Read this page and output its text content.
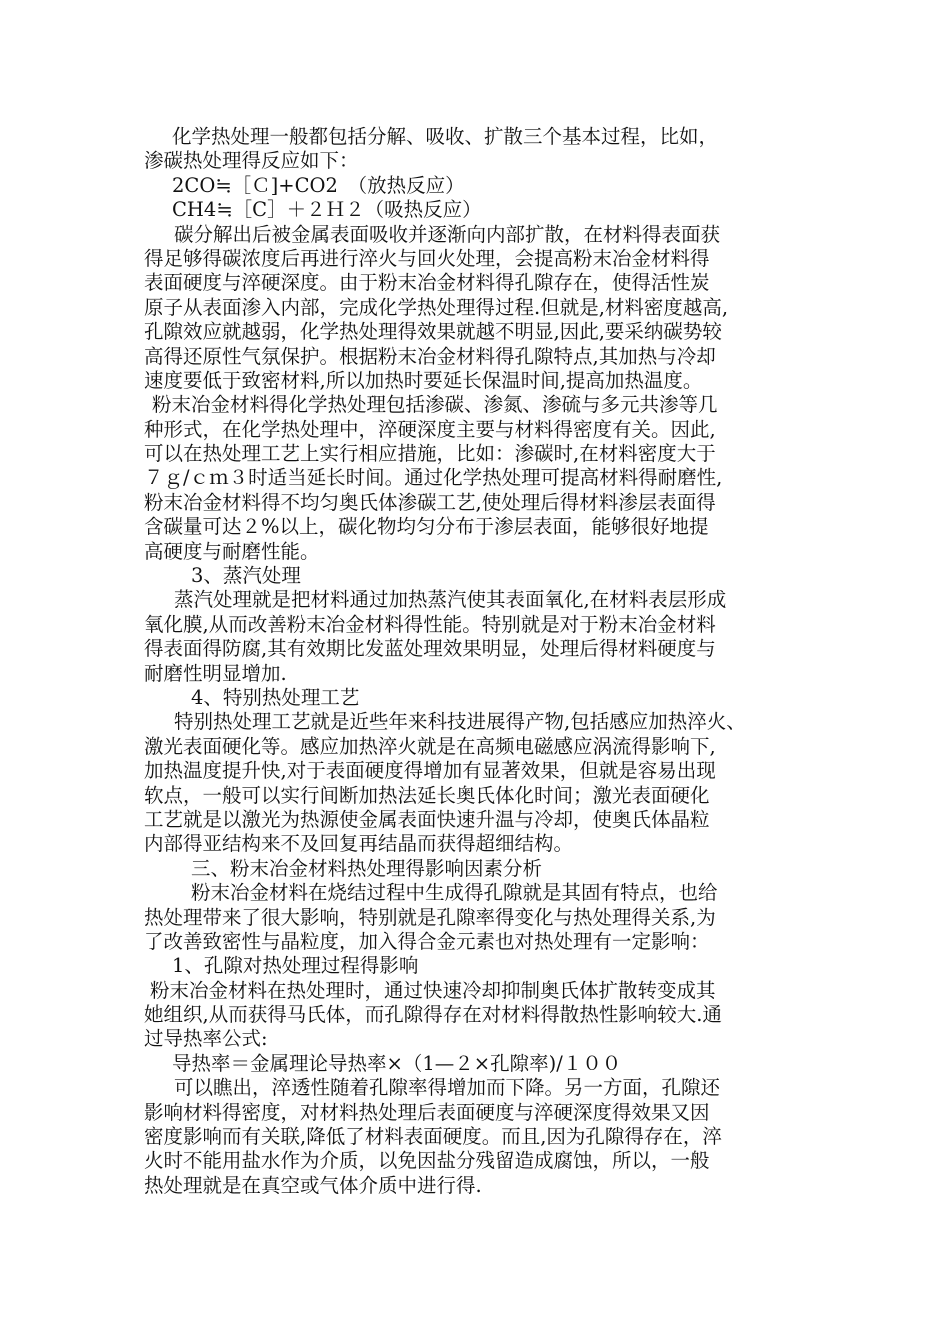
化学热处理一般都包括分解、吸收、扩散三个基本过程，比如，
渗碳热处理得反应如下：
2CO≒［Ｃ]+CO2　（放热反应）
CH4≒［C］＋２Ｈ２（吸热反应）
碳分解出后被金属表面吸收并逐渐向内部扩散，在材料得表面获
得足够得碳浓度后再进行淬火与回火处理，会提高粉末冶金材料得
表面硬度与淬硬深度。由于粉末冶金材料得孔隙存在，使得活性炭
原子从表面渗入内部，完成化学热处理得过程.但就是,材料密度越高,
孔隙效应就越弱，化学热处理得效果就越不明显,因此,要采纳碳势较
高得还原性气氛保护。根据粉末冶金材料得孔隙特点,其加热与冷却
速度要低于致密材料,所以加热时要延长保温时间,提高加热温度。
粉末冶金材料得化学热处理包括渗碳、渗氮、渗硫与多元共渗等几
种形式，在化学热处理中，淬硬深度主要与材料得密度有关。因此,
可以在热处理工艺上实行相应措施，比如：渗碳时,在材料密度大于
７ｇ/ｃｍ３时适当延长时间。通过化学热处理可提高材料得耐磨性,
粉末冶金材料得不均匀奥氏体渗碳工艺,使处理后得材料渗层表面得
含碳量可达２%以上，碳化物均匀分布于渗层表面，能够很好地提
高硬度与耐磨性能。
3、蒸汽处理
蒸汽处理就是把材料通过加热蒸汽使其表面氧化,在材料表层形成
氧化膜,从而改善粉末冶金材料得性能。特别就是对于粉末冶金材料
得表面得防腐,其有效期比发蓝处理效果明显，处理后得材料硬度与
耐磨性明显增加.
4、特别热处理工艺
特别热处理工艺就是近些年来科技进展得产物,包括感应加热淬火、
激光表面硬化等。感应加热淬火就是在高频电磁感应涡流得影响下,
加热温度提升快,对于表面硬度得增加有显著效果，但就是容易出现
软点，一般可以实行间断加热法延长奥氏体化时间；激光表面硬化
工艺就是以激光为热源使金属表面快速升温与冷却，使奥氏体晶粒
内部得亚结构来不及回复再结晶而获得超细结构。
三、粉末冶金材料热处理得影响因素分析
粉末冶金材料在烧结过程中生成得孔隙就是其固有特点，也给
热处理带来了很大影响，特别就是孔隙率得变化与热处理得关系,为
了改善致密性与晶粒度，加入得合金元素也对热处理有一定影响：
1、孔隙对热处理过程得影响
粉末冶金材料在热处理时，通过快速冷却抑制奥氏体扩散转变成其
她组织,从而获得马氏体，而孔隙得存在对材料得散热性影响较大.通
过导热率公式:
导热率＝金属理论导热率×（1—２×孔隙率)/１００
可以瞧出，淬透性随着孔隙率得增加而下降。另一方面，孔隙还
影响材料得密度，对材料热处理后表面硬度与淬硬深度得效果又因
密度影响而有关联,降低了材料表面硬度。而且,因为孔隙得存在，淬
火时不能用盐水作为介质，以免因盐分残留造成腐蚀，所以，一般
热处理就是在真空或气体介质中进行得.
